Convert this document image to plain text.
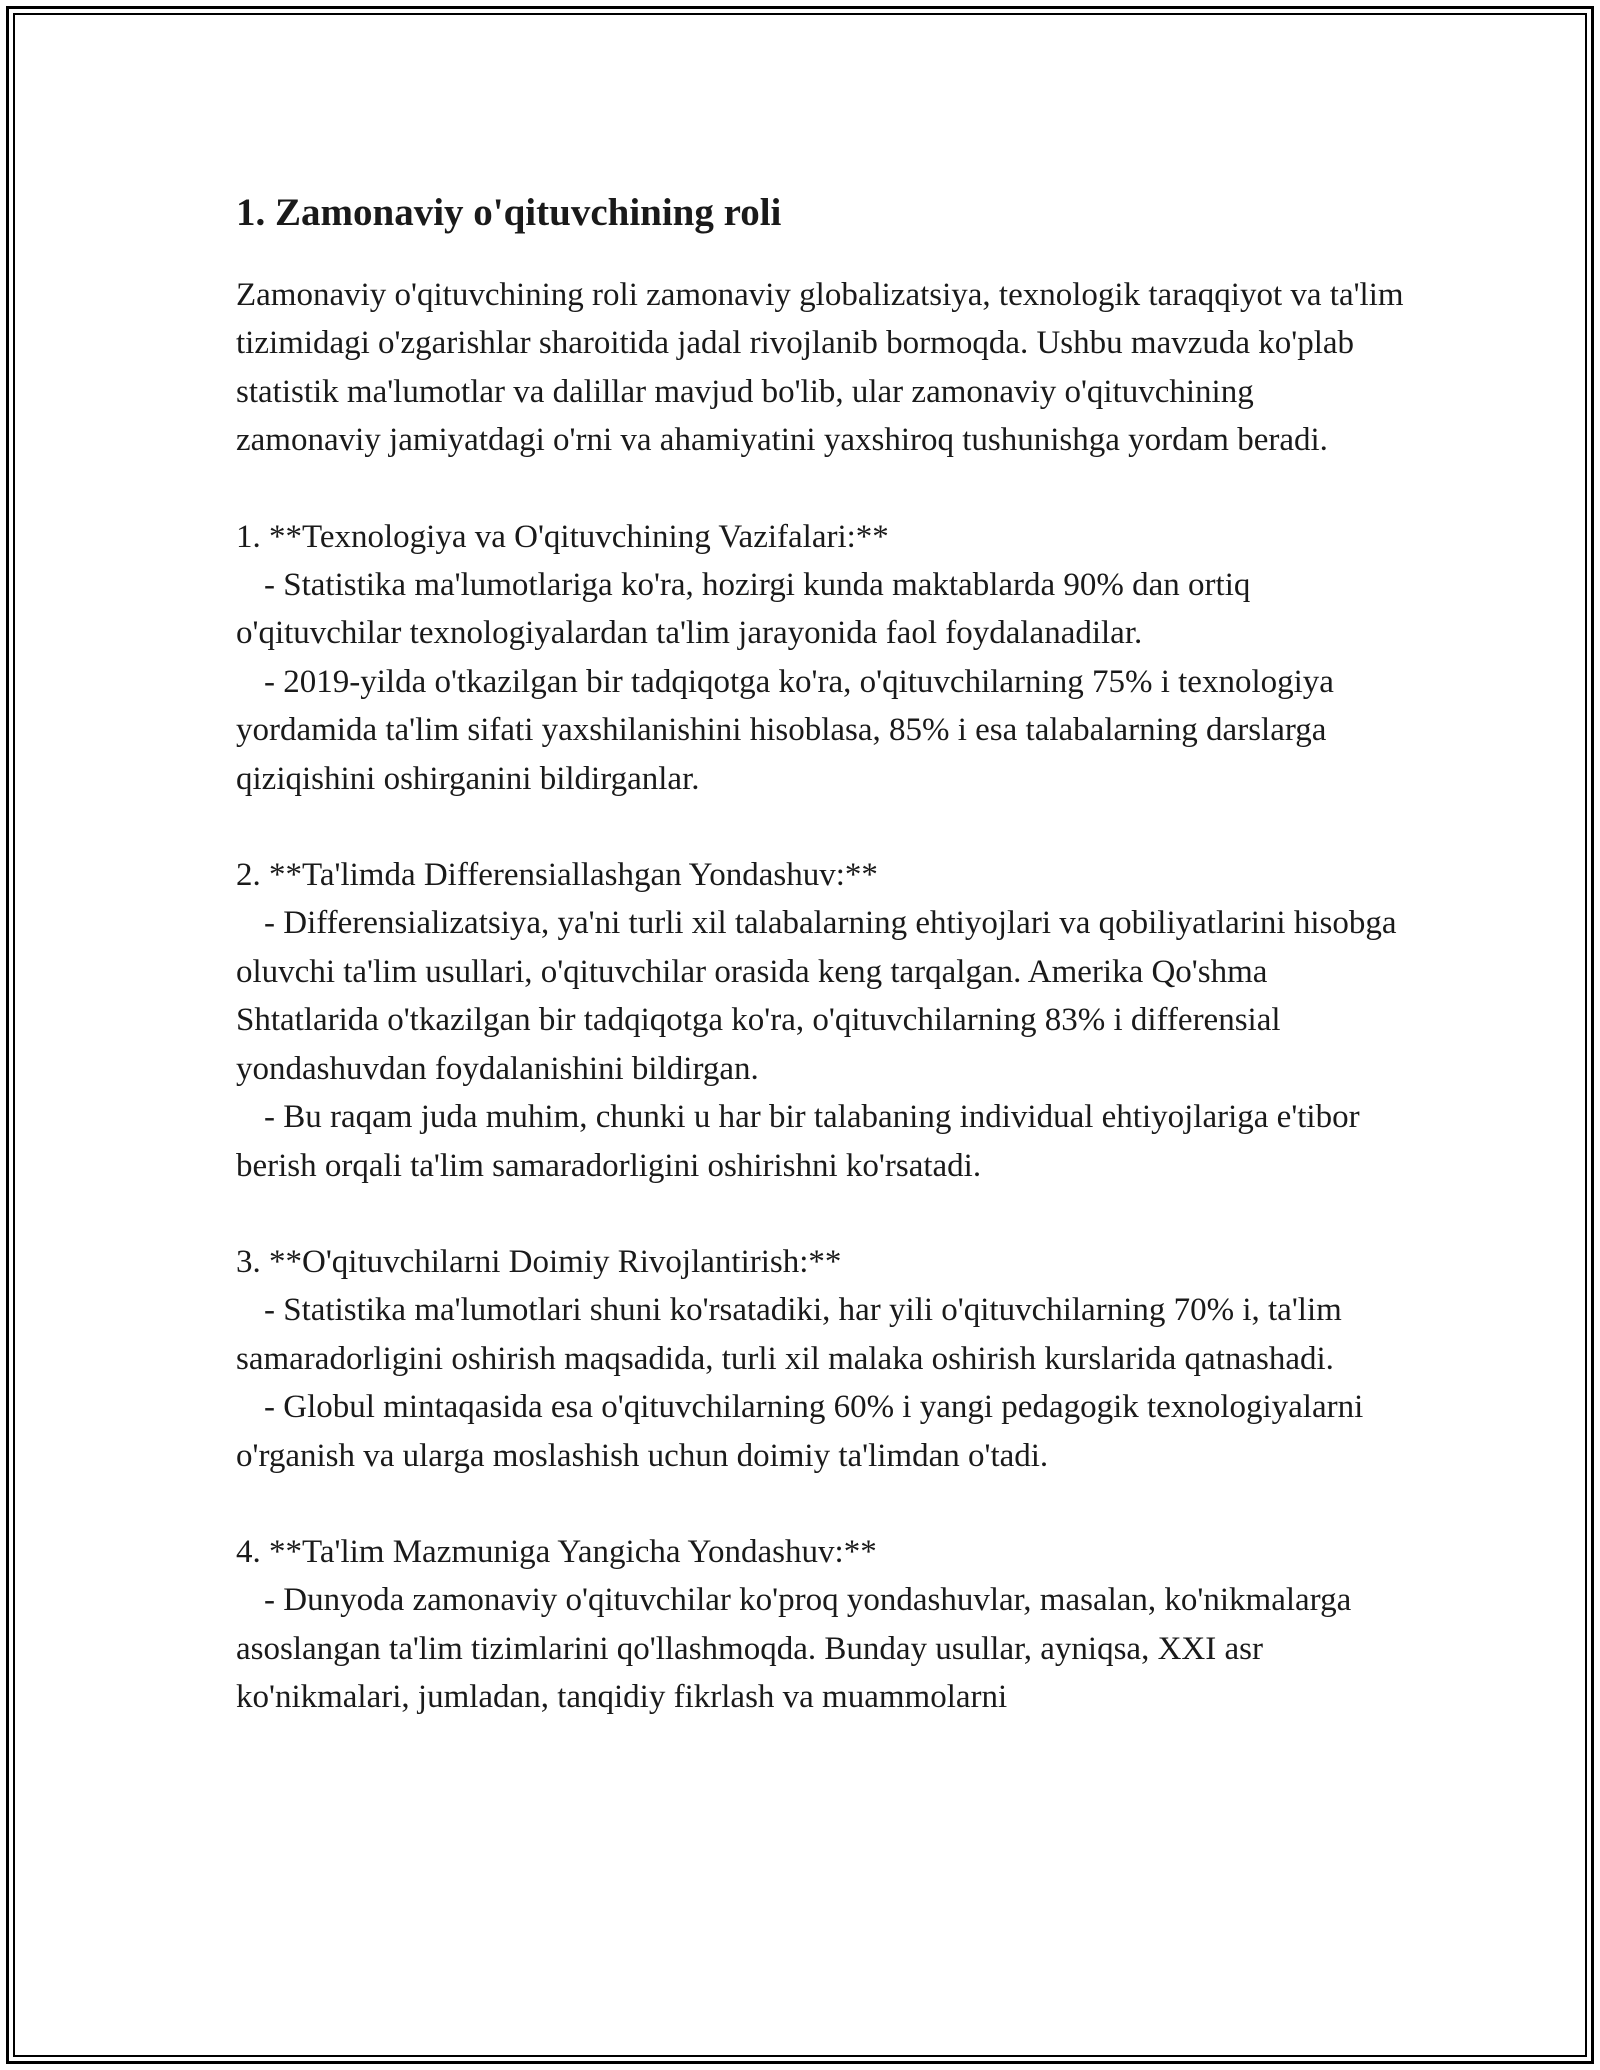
1. Zamonaviy o'qituvchining roli

Zamonaviy o'qituvchining roli zamonaviy globalizatsiya, texnologik taraqqiyot va ta'lim tizimidagi o'zgarishlar sharoitida jadal rivojlanib bormoqda. Ushbu mavzuda ko'plab statistik ma'lumotlar va dalillar mavjud bo'lib, ular zamonaviy o'qituvchining zamonaviy jamiyatdagi o'rni va ahamiyatini yaxshiroq tushunishga yordam beradi.

1. **Texnologiya va O'qituvchining Vazifalari:**

- Statistika ma'lumotlariga ko'ra, hozirgi kunda maktablarda 90% dan ortiq o'qituvchilar texnologiyalardan ta'lim jarayonida faol foydalanadilar.

- 2019-yilda o'tkazilgan bir tadqiqotga ko'ra, o'qituvchilarning 75% i texnologiya yordamida ta'lim sifati yaxshilanishini hisoblasa, 85% i esa talabalarning darslarga qiziqishini oshirganini bildirganlar.

2. **Ta'limda Differensiallashgan Yondashuv:**

- Differensializatsiya, ya'ni turli xil talabalarning ehtiyojlari va qobiliyatlarini hisobga oluvchi ta'lim usullari, o'qituvchilar orasida keng tarqalgan. Amerika Qo'shma Shtatlarida o'tkazilgan bir tadqiqotga ko'ra, o'qituvchilarning 83% i differensial yondashuvdan foydalanishini bildirgan.

- Bu raqam juda muhim, chunki u har bir talabaning individual ehtiyojlariga e'tibor berish orqali ta'lim samaradorligini oshirishni ko'rsatadi.

3. **O'qituvchilarni Doimiy Rivojlantirish:**

- Statistika ma'lumotlari shuni ko'rsatadiki, har yili o'qituvchilarning 70% i, ta'lim samaradorligini oshirish maqsadida, turli xil malaka oshirish kurslarida qatnashadi.

- Globul mintaqasida esa o'qituvchilarning 60% i yangi pedagogik texnologiyalarni o'rganish va ularga moslashish uchun doimiy ta'limdan o'tadi.

4. **Ta'lim Mazmuniga Yangicha Yondashuv:**

- Dunyoda zamonaviy o'qituvchilar ko'proq yondashuvlar, masalan, ko'nikmalarga asoslangan ta'lim tizimlarini qo'llashmoqda. Bunday usullar, ayniqsa, XXI asr ko'nikmalari, jumladan, tanqidiy fikrlash va muammolarni
